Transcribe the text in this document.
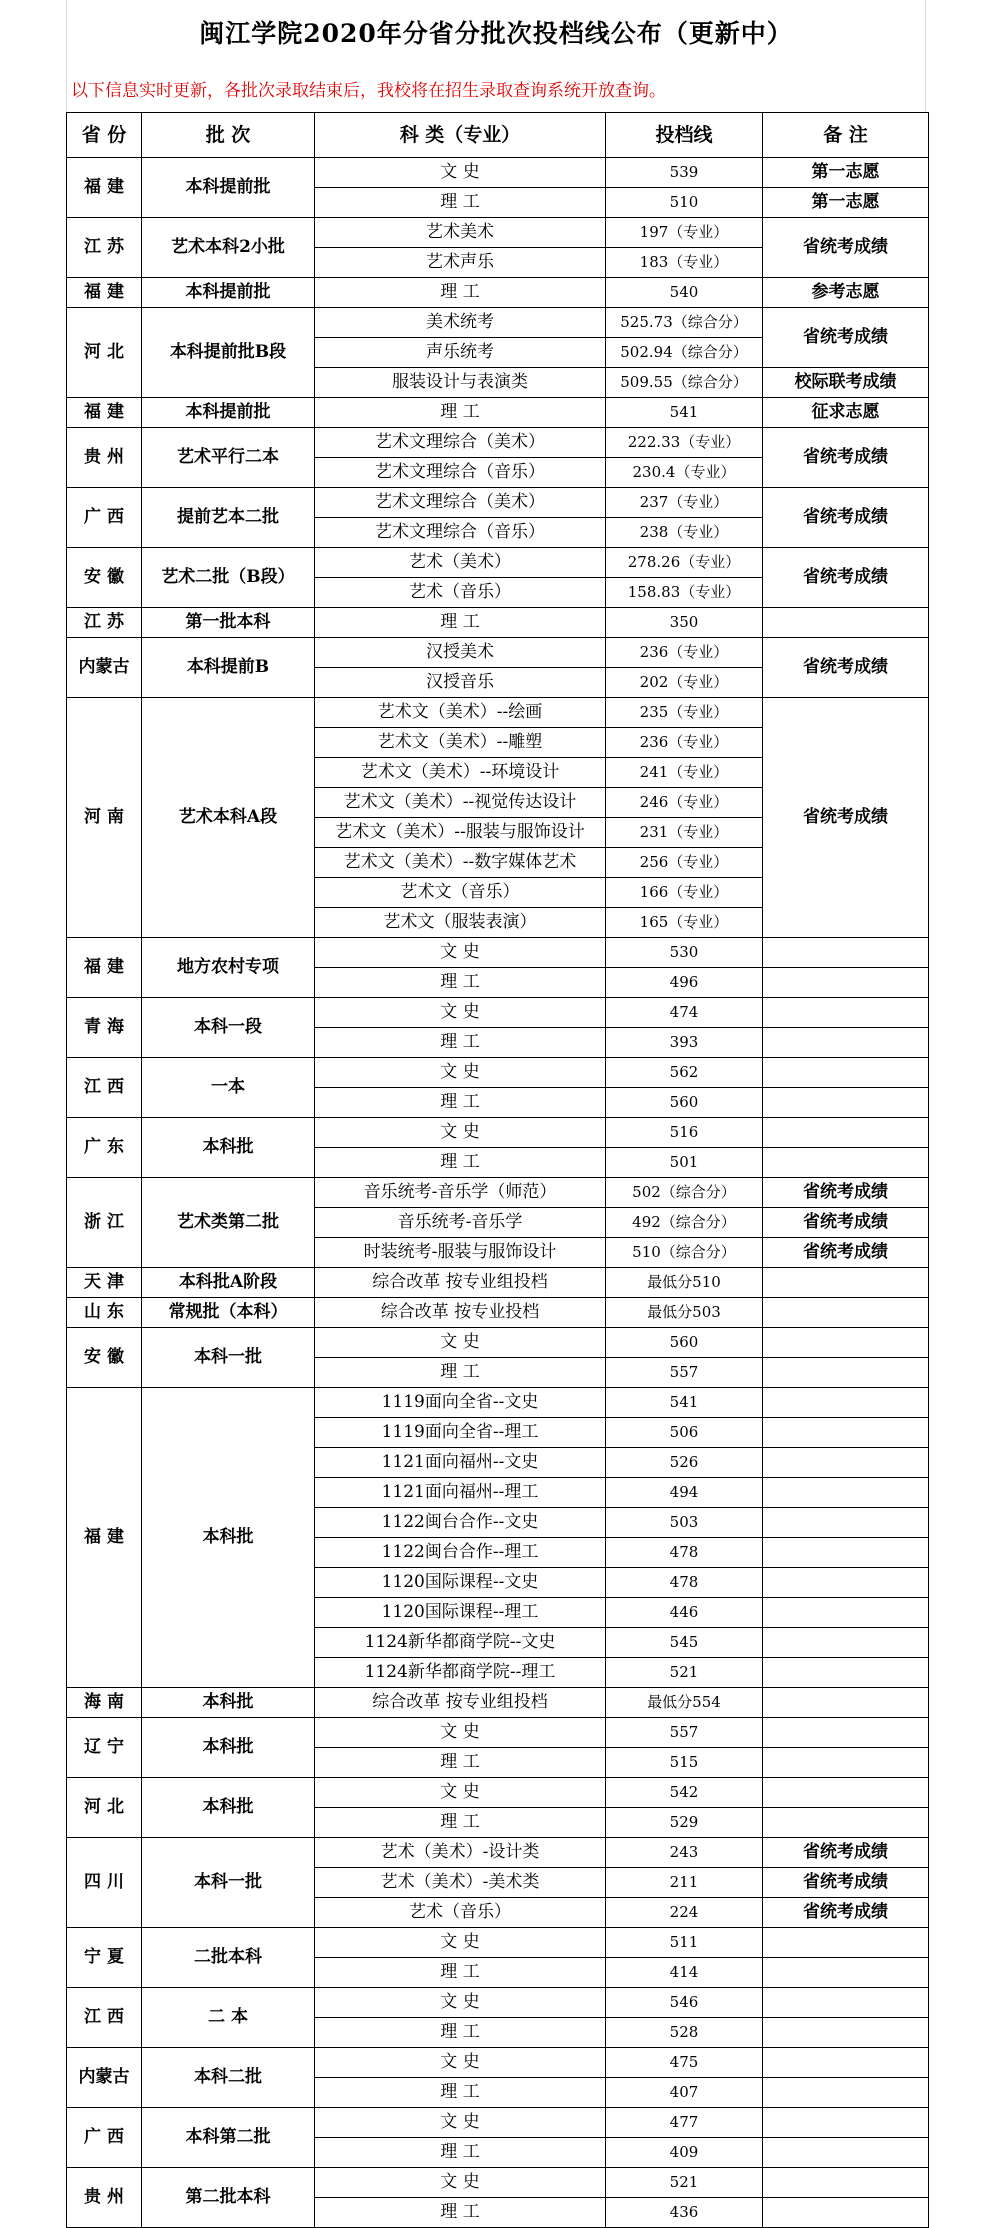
闽江学院2020年分省分批次投档线公布（更新中）
以下信息实时更新，各批次录取结束后，我校将在招生录取查询系统开放查询。
省 份	批 次	科 类（专业）	投档线	备 注
福 建	本科提前批	文 史	539	第一志愿
		理 工	510	第一志愿
江 苏	艺术本科2小批	艺术美术	197（专业）	省统考成绩
		艺术声乐	183（专业）	
福 建	本科提前批	理 工	540	参考志愿
河 北	本科提前批B段	美术统考	525.73（综合分）	省统考成绩
		声乐统考	502.94（综合分）	
		服装设计与表演类	509.55（综合分）	校际联考成绩
福 建	本科提前批	理 工	541	征求志愿
贵 州	艺术平行二本	艺术文理综合（美术）	222.33（专业）	省统考成绩
		艺术文理综合（音乐）	230.4（专业）	
广 西	提前艺本二批	艺术文理综合（美术）	237（专业）	省统考成绩
		艺术文理综合（音乐）	238（专业）	
安 徽	艺术二批（B段）	艺术（美术）	278.26（专业）	省统考成绩
		艺术（音乐）	158.83（专业）	
江 苏	第一批本科	理 工	350	
内蒙古	本科提前B	汉授美术	236（专业）	省统考成绩
		汉授音乐	202（专业）	
河 南	艺术本科A段	艺术文（美术）--绘画	235（专业）	省统考成绩
		艺术文（美术）--雕塑	236（专业）	
		艺术文（美术）--环境设计	241（专业）	
		艺术文（美术）--视觉传达设计	246（专业）	
		艺术文（美术）--服装与服饰设计	231（专业）	
		艺术文（美术）--数字媒体艺术	256（专业）	
		艺术文（音乐）	166（专业）	
		艺术文（服装表演）	165（专业）	
福 建	地方农村专项	文 史	530	
		理 工	496	
青 海	本科一段	文 史	474	
		理 工	393	
江 西	一本	文 史	562	
		理 工	560	
广 东	本科批	文 史	516	
		理 工	501	
浙 江	艺术类第二批	音乐统考-音乐学（师范）	502（综合分）	省统考成绩
		音乐统考-音乐学	492（综合分）	省统考成绩
		时装统考-服装与服饰设计	510（综合分）	省统考成绩
天 津	本科批A阶段	综合改革 按专业组投档	最低分510	
山 东	常规批（本科）	综合改革 按专业投档	最低分503	
安 徽	本科一批	文 史	560	
		理 工	557	
福 建	本科批	1119面向全省--文史	541	
		1119面向全省--理工	506	
		1121面向福州--文史	526	
		1121面向福州--理工	494	
		1122闽台合作--文史	503	
		1122闽台合作--理工	478	
		1120国际课程--文史	478	
		1120国际课程--理工	446	
		1124新华都商学院--文史	545	
		1124新华都商学院--理工	521	
海 南	本科批	综合改革 按专业组投档	最低分554	
辽 宁	本科批	文 史	557	
		理 工	515	
河 北	本科批	文 史	542	
		理 工	529	
四 川	本科一批	艺术（美术）-设计类	243	省统考成绩
		艺术（美术）-美术类	211	省统考成绩
		艺术（音乐）	224	省统考成绩
宁 夏	二批本科	文 史	511	
		理 工	414	
江 西	二 本	文 史	546	
		理 工	528	
内蒙古	本科二批	文 史	475	
		理 工	407	
广 西	本科第二批	文 史	477	
		理 工	409	
贵 州	第二批本科	文 史	521	
		理 工	436	
